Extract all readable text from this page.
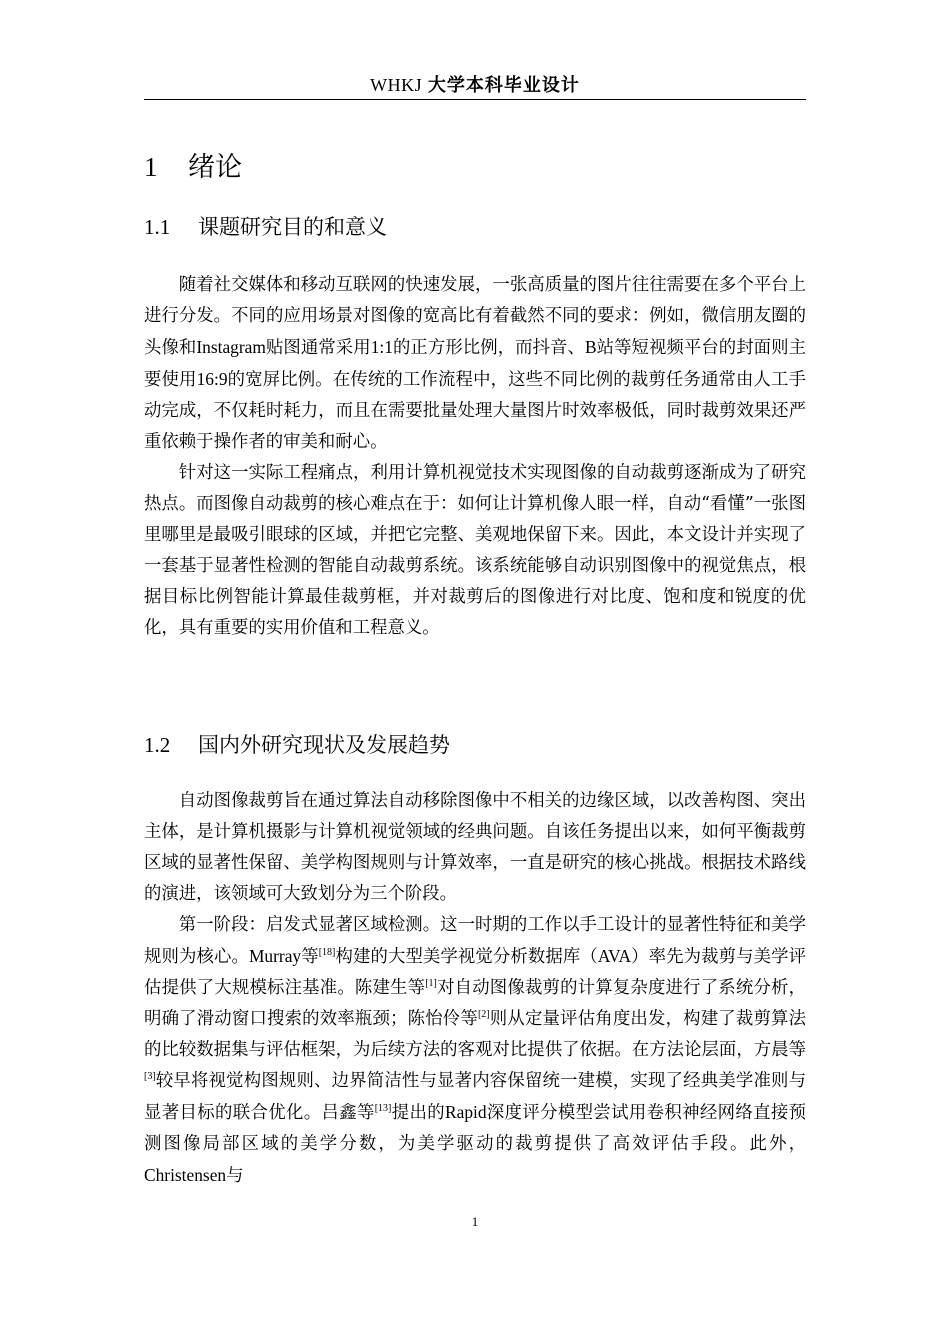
WHKJ 大学本科毕业设计
1 绪论
1.1 课题研究目的和意义

随着社交媒体和移动互联网的快速发展，一张高质量的图片往往需要在多个平台上进行分发。不同的应用场景对图像的宽高比有着截然不同的要求：例如，微信朋友圈的头像和Instagram贴图通常采用1:1的正方形比例，而抖音、B站等短视频平台的封面则主要使用16:9的宽屏比例。在传统的工作流程中，这些不同比例的裁剪任务通常由人工手动完成，不仅耗时耗力，而且在需要批量处理大量图片时效率极低，同时裁剪效果还严重依赖于操作者的审美和耐心。

针对这一实际工程痛点，利用计算机视觉技术实现图像的自动裁剪逐渐成为了研究热点。而图像自动裁剪的核心难点在于：如何让计算机像人眼一样，自动“看懂”一张图里哪里是最吸引眼球的区域，并把它完整、美观地保留下来。因此，本文设计并实现了一套基于显著性检测的智能自动裁剪系统。该系统能够自动识别图像中的视觉焦点，根据目标比例智能计算最佳裁剪框，并对裁剪后的图像进行对比度、饱和度和锐度的优化，具有重要的实用价值和工程意义。

1.2 国内外研究现状及发展趋势

自动图像裁剪旨在通过算法自动移除图像中不相关的边缘区域，以改善构图、突出主体，是计算机摄影与计算机视觉领域的经典问题。自该任务提出以来，如何平衡裁剪区域的显著性保留、美学构图规则与计算效率，一直是研究的核心挑战。根据技术路线的演进，该领域可大致划分为三个阶段。

第一阶段：启发式显著区域检测。这一时期的工作以手工设计的显著性特征和美学规则为核心。Murray等[18]构建的大型美学视觉分析数据库（AVA）率先为裁剪与美学评估提供了大规模标注基准。陈建生等[1]对自动图像裁剪的计算复杂度进行了系统分析，明确了滑动窗口搜索的效率瓶颈；陈怡伶等[2]则从定量评估角度出发，构建了裁剪算法的比较数据集与评估框架，为后续方法的客观对比提供了依据。在方法论层面，方晨等[3]较早将视觉构图规则、边界简洁性与显著内容保留统一建模，实现了经典美学准则与显著目标的联合优化。吕鑫等[13]提出的Rapid深度评分模型尝试用卷积神经网络直接预测图像局部区域的美学分数，为美学驱动的裁剪提供了高效评估手段。此外，Christensen与

1
